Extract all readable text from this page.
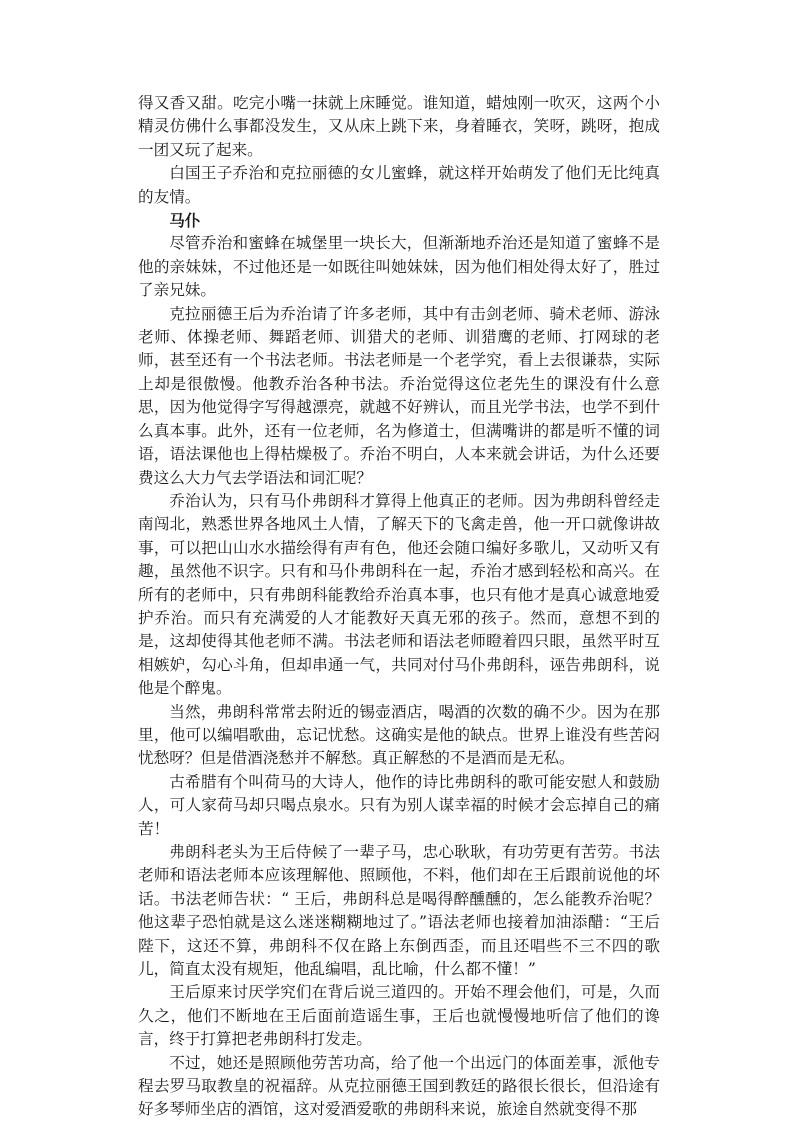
得又香又甜。吃完小嘴一抹就上床睡觉。谁知道，蜡烛刚一吹灭，这两个小精灵仿佛什么事都没发生，又从床上跳下来，身着睡衣，笑呀，跳呀，抱成一团又玩了起来。

白国王子乔治和克拉丽德的女儿蜜蜂，就这样开始萌发了他们无比纯真的友情。

马仆

尽管乔治和蜜蜂在城堡里一块长大，但渐渐地乔治还是知道了蜜蜂不是他的亲妹妹，不过他还是一如既往叫她妹妹，因为他们相处得太好了，胜过了亲兄妹。

克拉丽德王后为乔治请了许多老师，其中有击剑老师、骑术老师、游泳老师、体操老师、舞蹈老师、训猎犬的老师、训猎鹰的老师、打网球的老师，甚至还有一个书法老师。书法老师是一个老学究，看上去很谦恭，实际上却是很傲慢。他教乔治各种书法。乔治觉得这位老先生的课没有什么意思，因为他觉得字写得越漂亮，就越不好辨认，而且光学书法，也学不到什么真本事。此外，还有一位老师，名为修道士，但满嘴讲的都是听不懂的词语，语法课他也上得枯燥极了。乔治不明白，人本来就会讲话，为什么还要费这么大力气去学语法和词汇呢？

乔治认为，只有马仆弗朗科才算得上他真正的老师。因为弗朗科曾经走南闯北，熟悉世界各地风土人情，了解天下的飞禽走兽，他一开口就像讲故事，可以把山山水水描绘得有声有色，他还会随口编好多歌儿，又动听又有趣，虽然他不识字。只有和马仆弗朗科在一起，乔治才感到轻松和高兴。在所有的老师中，只有弗朗科能教给乔治真本事，也只有他才是真心诚意地爱护乔治。而只有充满爱的人才能教好天真无邪的孩子。然而，意想不到的是，这却使得其他老师不满。书法老师和语法老师瞪着四只眼，虽然平时互相嫉妒，勾心斗角，但却串通一气，共同对付马仆弗朗科，诬告弗朗科，说他是个醉鬼。

当然，弗朗科常常去附近的锡壶酒店，喝酒的次数的确不少。因为在那里，他可以编唱歌曲，忘记忧愁。这确实是他的缺点。世界上谁没有些苦闷忧愁呀？但是借酒浇愁并不解愁。真正解愁的不是酒而是无私。

古希腊有个叫荷马的大诗人，他作的诗比弗朗科的歌可能安慰人和鼓励人，可人家荷马却只喝点泉水。只有为别人谋幸福的时候才会忘掉自己的痛苦！

弗朗科老头为王后侍候了一辈子马，忠心耿耿，有功劳更有苦劳。书法老师和语法老师本应该理解他、照顾他，不料，他们却在王后跟前说他的坏话。书法老师告状：“ 王后，弗朗科总是喝得醉醺醺的，怎么能教乔治呢？他这辈子恐怕就是这么迷迷糊糊地过了。”语法老师也接着加油添醋：“王后陛下，这还不算，弗朗科不仅在路上东倒西歪，而且还唱些不三不四的歌儿，简直太没有规矩，他乱编唱，乱比喻，什么都不懂！”

王后原来讨厌学究们在背后说三道四的。开始不理会他们，可是，久而久之，他们不断地在王后面前造谣生事，王后也就慢慢地听信了他们的谗言，终于打算把老弗朗科打发走。

不过，她还是照顾他劳苦功高，给了他一个出远门的体面差事，派他专程去罗马取教皇的祝福辞。从克拉丽德王国到教廷的路很长很长，但沿途有好多琴师坐店的酒馆，这对爱酒爱歌的弗朗科来说，旅途自然就变得不那
